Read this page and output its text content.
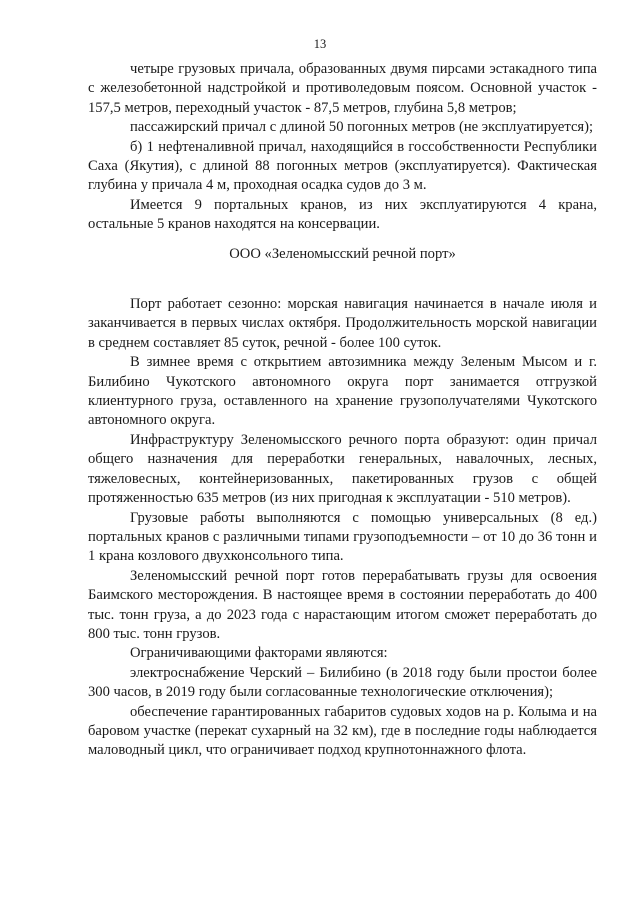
13

четыре грузовых причала, образованных двумя пирсами эстакадного типа с железобетонной надстройкой и противоледовым поясом. Основной участок - 157,5 метров, переходный участок - 87,5 метров, глубина 5,8 метров;

пассажирский причал с длиной 50 погонных метров (не эксплуатируется);

б) 1 нефтеналивной причал, находящийся в госсобственности Республики Саха (Якутия), с длиной 88 погонных метров (эксплуатируется). Фактическая глубина у причала 4 м, проходная осадка судов до 3 м.

Имеется 9 портальных кранов, из них эксплуатируются 4 крана, остальные 5 кранов находятся на консервации.

ООО «Зеленомысский речной порт»

Порт работает сезонно: морская навигация начинается в начале июля и заканчивается в первых числах октября. Продолжительность морской навигации в среднем составляет 85 суток, речной - более 100 суток.

В зимнее время с открытием автозимника между Зеленым Мысом и г. Билибино Чукотского автономного округа порт занимается отгрузкой клиентурного груза, оставленного на хранение грузополучателями Чукотского автономного округа.

Инфраструктуру Зеленомысского речного порта образуют: один причал общего назначения для переработки генеральных, навалочных, лесных, тяжеловесных, контейнеризованных, пакетированных грузов с общей протяженностью 635 метров (из них пригодная к эксплуатации - 510 метров).

Грузовые работы выполняются с помощью универсальных (8 ед.) портальных кранов с различными типами грузоподъемности – от 10 до 36 тонн и 1 крана козлового двухконсольного типа.

Зеленомысский речной порт готов перерабатывать грузы для освоения Баимского месторождения. В настоящее время в состоянии переработать до 400 тыс. тонн груза, а до 2023 года с нарастающим итогом сможет переработать до 800 тыс. тонн грузов.

Ограничивающими факторами являются:

электроснабжение Черский – Билибино (в 2018 году были простои более 300 часов, в 2019 году были согласованные технологические отключения);

обеспечение гарантированных габаритов судовых ходов на р. Колыма и на баровом участке (перекат сухарный на 32 км), где в последние годы наблюдается маловодный цикл, что ограничивает подход крупнотоннажного флота.
